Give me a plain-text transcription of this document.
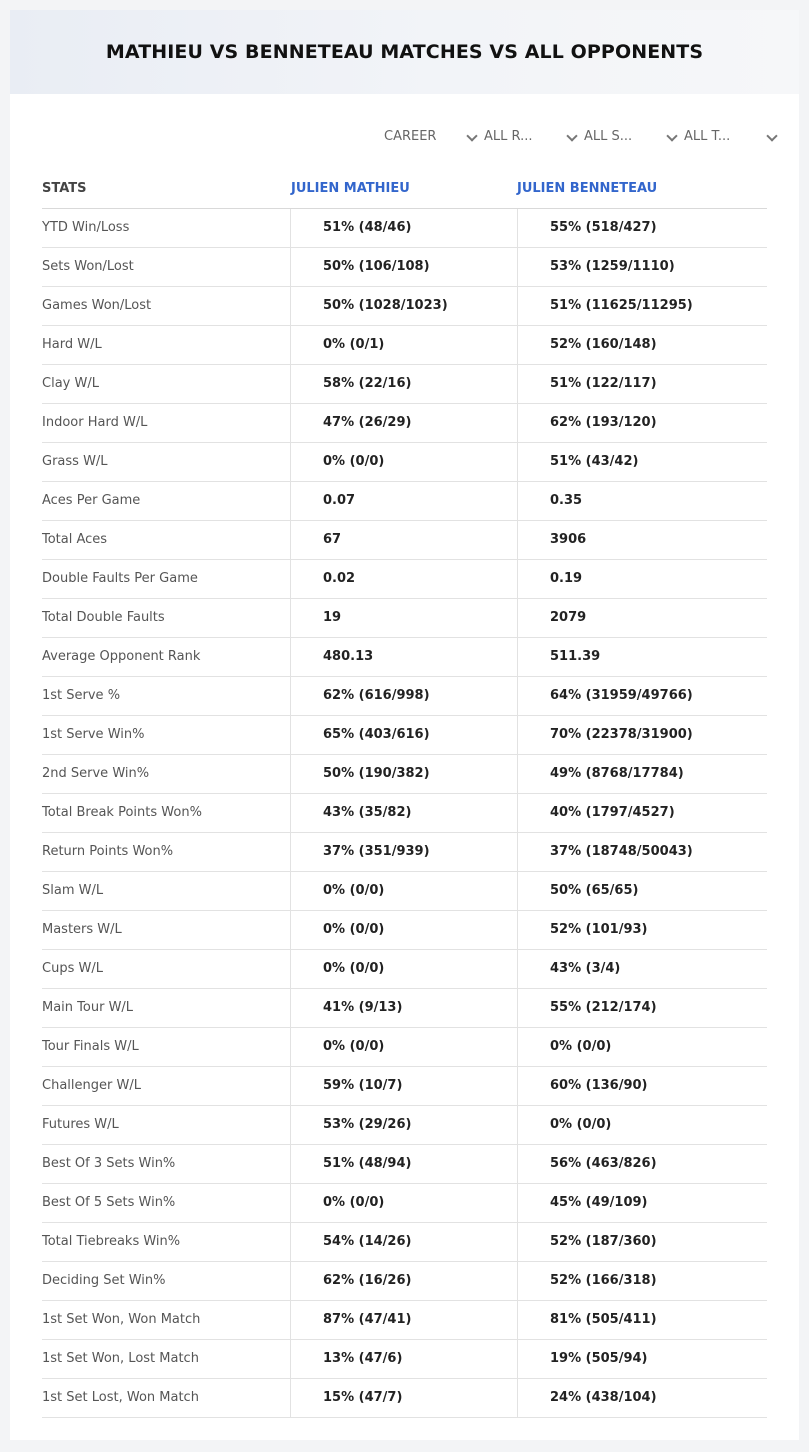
MATHIEU VS BENNETEAU MATCHES VS ALL OPPONENTS
CAREER	ALL R...	ALL S...	ALL T...
STATS	JULIEN MATHIEU	JULIEN BENNETEAU
YTD Win/Loss	51% (48/46)	55% (518/427)
Sets Won/Lost	50% (106/108)	53% (1259/1110)
Games Won/Lost	50% (1028/1023)	51% (11625/11295)
Hard W/L	0% (0/1)	52% (160/148)
Clay W/L	58% (22/16)	51% (122/117)
Indoor Hard W/L	47% (26/29)	62% (193/120)
Grass W/L	0% (0/0)	51% (43/42)
Aces Per Game	0.07	0.35
Total Aces	67	3906
Double Faults Per Game	0.02	0.19
Total Double Faults	19	2079
Average Opponent Rank	480.13	511.39
1st Serve %	62% (616/998)	64% (31959/49766)
1st Serve Win%	65% (403/616)	70% (22378/31900)
2nd Serve Win%	50% (190/382)	49% (8768/17784)
Total Break Points Won%	43% (35/82)	40% (1797/4527)
Return Points Won%	37% (351/939)	37% (18748/50043)
Slam W/L	0% (0/0)	50% (65/65)
Masters W/L	0% (0/0)	52% (101/93)
Cups W/L	0% (0/0)	43% (3/4)
Main Tour W/L	41% (9/13)	55% (212/174)
Tour Finals W/L	0% (0/0)	0% (0/0)
Challenger W/L	59% (10/7)	60% (136/90)
Futures W/L	53% (29/26)	0% (0/0)
Best Of 3 Sets Win%	51% (48/94)	56% (463/826)
Best Of 5 Sets Win%	0% (0/0)	45% (49/109)
Total Tiebreaks Win%	54% (14/26)	52% (187/360)
Deciding Set Win%	62% (16/26)	52% (166/318)
1st Set Won, Won Match	87% (47/41)	81% (505/411)
1st Set Won, Lost Match	13% (47/6)	19% (505/94)
1st Set Lost, Won Match	15% (47/7)	24% (438/104)
